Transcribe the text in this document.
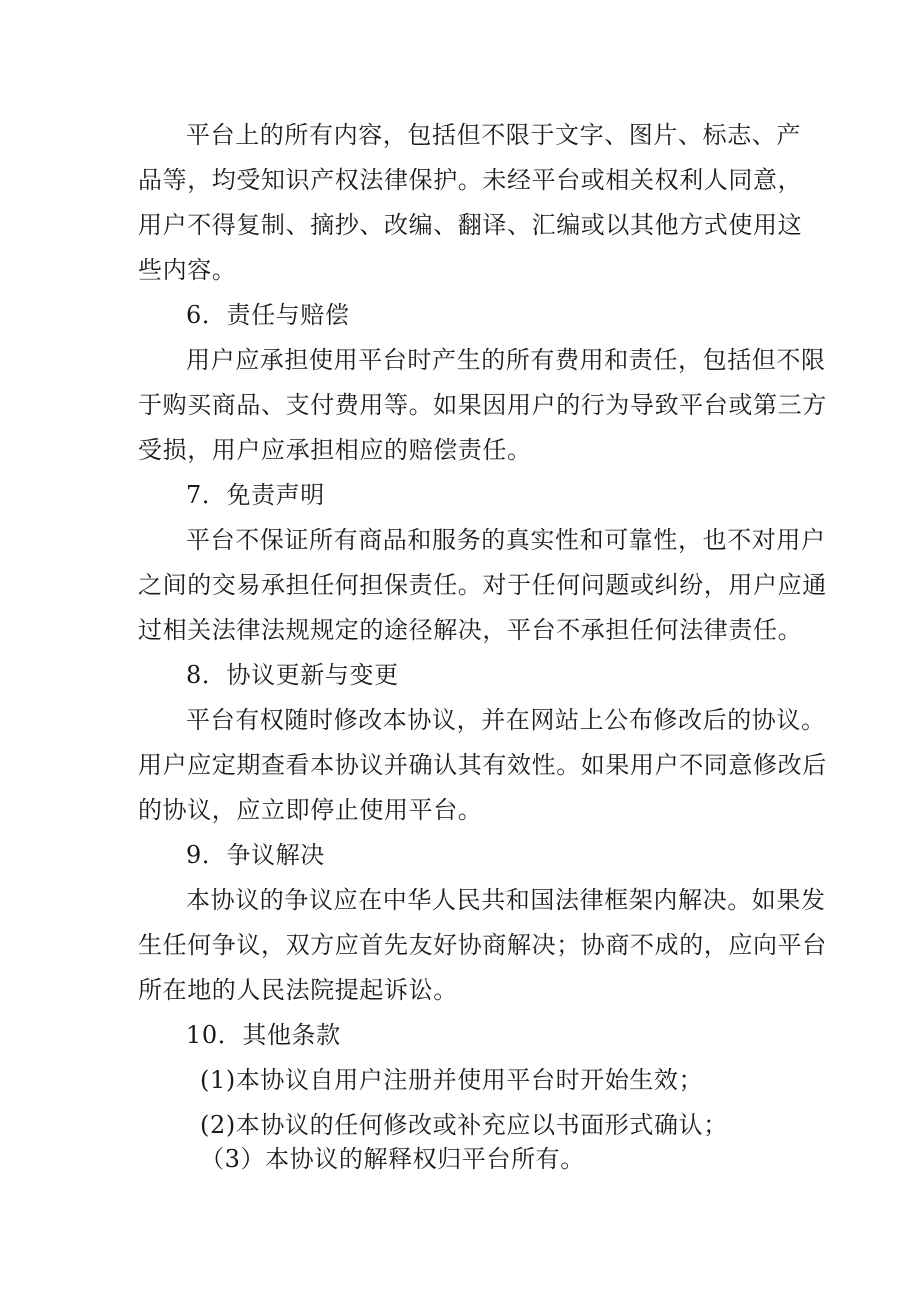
平台上的所有内容，包括但不限于文字、图片、标志、产
品等，均受知识产权法律保护。未经平台或相关权利人同意，
用户不得复制、摘抄、改编、翻译、汇编或以其他方式使用这
些内容。
6．责任与赔偿
用户应承担使用平台时产生的所有费用和责任，包括但不限
于购买商品、支付费用等。如果因用户的行为导致平台或第三方
受损，用户应承担相应的赔偿责任。
7．免责声明
平台不保证所有商品和服务的真实性和可靠性，也不对用户
之间的交易承担任何担保责任。对于任何问题或纠纷，用户应通
过相关法律法规规定的途径解决，平台不承担任何法律责任。
8．协议更新与变更
平台有权随时修改本协议，并在网站上公布修改后的协议。
用户应定期查看本协议并确认其有效性。如果用户不同意修改后
的协议，应立即停止使用平台。
9．争议解决
本协议的争议应在中华人民共和国法律框架内解决。如果发
生任何争议，双方应首先友好协商解决；协商不成的，应向平台
所在地的人民法院提起诉讼。
10．其他条款
(1)本协议自用户注册并使用平台时开始生效；
(2)本协议的任何修改或补充应以书面形式确认；
（3）本协议的解释权归平台所有。
